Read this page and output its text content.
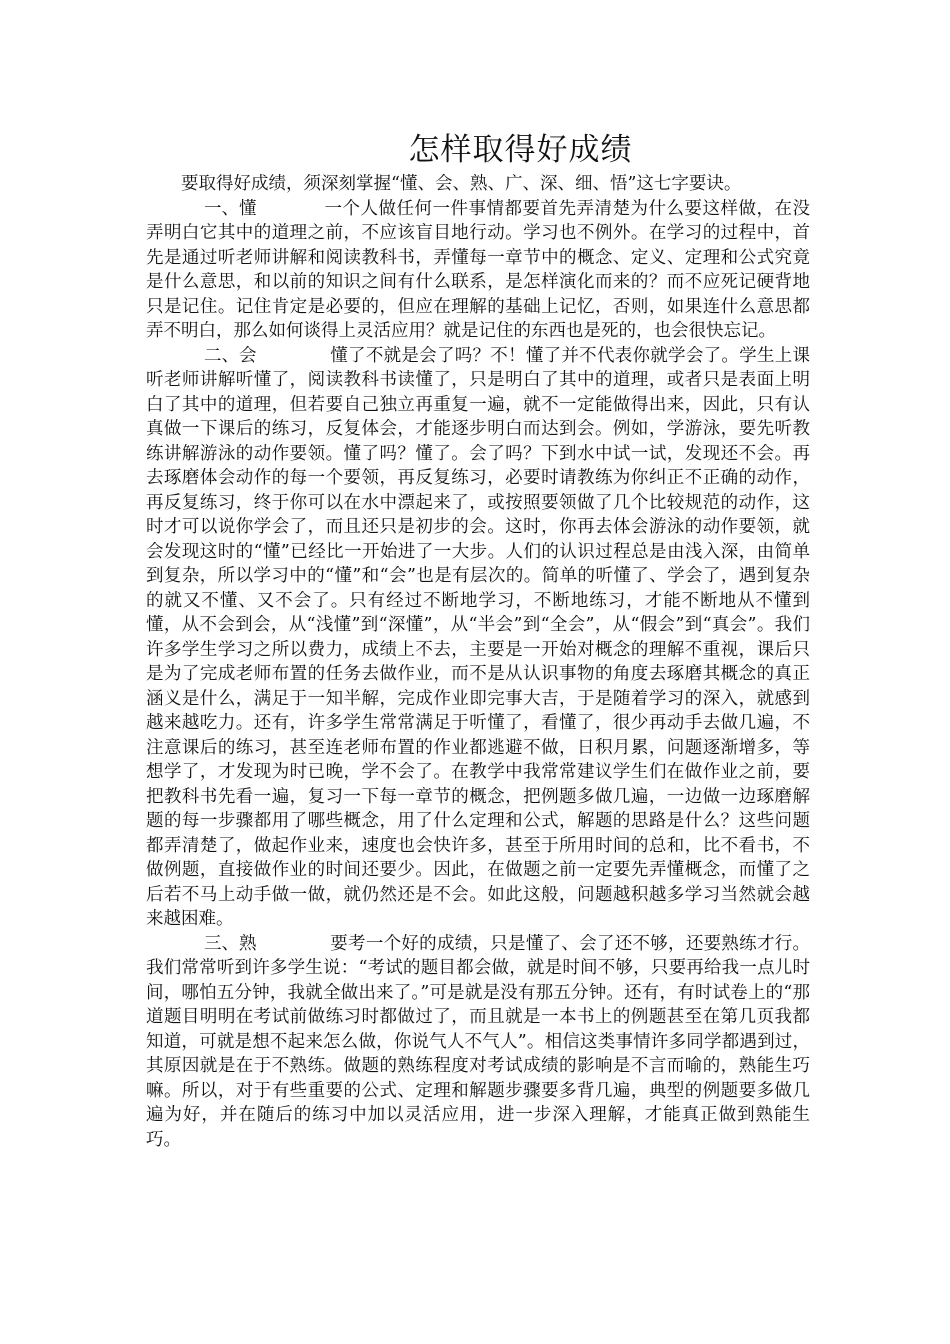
怎样取得好成绩

要取得好成绩，须深刻掌握“懂、会、熟、广、深、细、悟”这七字要诀。

一、懂	一个人做任何一件事情都要首先弄清楚为什么要这样做，在没弄明白它其中的道理之前，不应该盲目地行动。学习也不例外。在学习的过程中，首先是通过听老师讲解和阅读教科书，弄懂每一章节中的概念、定义、定理和公式究竟是什么意思，和以前的知识之间有什么联系，是怎样演化而来的？而不应死记硬背地只是记住。记住肯定是必要的，但应在理解的基础上记忆，否则，如果连什么意思都弄不明白，那么如何谈得上灵活应用？就是记住的东西也是死的，也会很快忘记。

二、会	懂了不就是会了吗？不！懂了并不代表你就学会了。学生上课听老师讲解听懂了，阅读教科书读懂了，只是明白了其中的道理，或者只是表面上明白了其中的道理，但若要自己独立再重复一遍，就不一定能做得出来，因此，只有认真做一下课后的练习，反复体会，才能逐步明白而达到会。例如，学游泳，要先听教练讲解游泳的动作要领。懂了吗？懂了。会了吗？下到水中试一试，发现还不会。再去琢磨体会动作的每一个要领，再反复练习，必要时请教练为你纠正不正确的动作，再反复练习，终于你可以在水中漂起来了，或按照要领做了几个比较规范的动作，这时才可以说你学会了，而且还只是初步的会。这时，你再去体会游泳的动作要领，就会发现这时的“懂”已经比一开始进了一大步。人们的认识过程总是由浅入深，由简单到复杂，所以学习中的“懂”和“会”也是有层次的。简单的听懂了、学会了，遇到复杂的就又不懂、又不会了。只有经过不断地学习，不断地练习，才能不断地从不懂到懂，从不会到会，从“浅懂”到“深懂”，从“半会”到“全会”，从“假会”到“真会”。我们许多学生学习之所以费力，成绩上不去，主要是一开始对概念的理解不重视，课后只是为了完成老师布置的任务去做作业，而不是从认识事物的角度去琢磨其概念的真正涵义是什么，满足于一知半解，完成作业即完事大吉，于是随着学习的深入，就感到越来越吃力。还有，许多学生常常满足于听懂了，看懂了，很少再动手去做几遍，不注意课后的练习，甚至连老师布置的作业都逃避不做，日积月累，问题逐渐增多，等想学了，才发现为时已晚，学不会了。在教学中我常常建议学生们在做作业之前，要把教科书先看一遍，复习一下每一章节的概念，把例题多做几遍，一边做一边琢磨解题的每一步骤都用了哪些概念，用了什么定理和公式，解题的思路是什么？这些问题都弄清楚了，做起作业来，速度也会快许多，甚至于所用时间的总和，比不看书，不做例题，直接做作业的时间还要少。因此，在做题之前一定要先弄懂概念，而懂了之后若不马上动手做一做，就仍然还是不会。如此这般，问题越积越多学习当然就会越来越困难。

三、熟	要考一个好的成绩，只是懂了、会了还不够，还要熟练才行。我们常常听到许多学生说：“考试的题目都会做，就是时间不够，只要再给我一点儿时间，哪怕五分钟，我就全做出来了。”可是就是没有那五分钟。还有，有时试卷上的“那道题目明明在考试前做练习时都做过了，而且就是一本书上的例题甚至在第几页我都知道，可就是想不起来怎么做，你说气人不气人”。相信这类事情许多同学都遇到过，其原因就是在于不熟练。做题的熟练程度对考试成绩的影响是不言而喻的，熟能生巧嘛。所以，对于有些重要的公式、定理和解题步骤要多背几遍，典型的例题要多做几遍为好，并在随后的练习中加以灵活应用，进一步深入理解，才能真正做到熟能生巧。
